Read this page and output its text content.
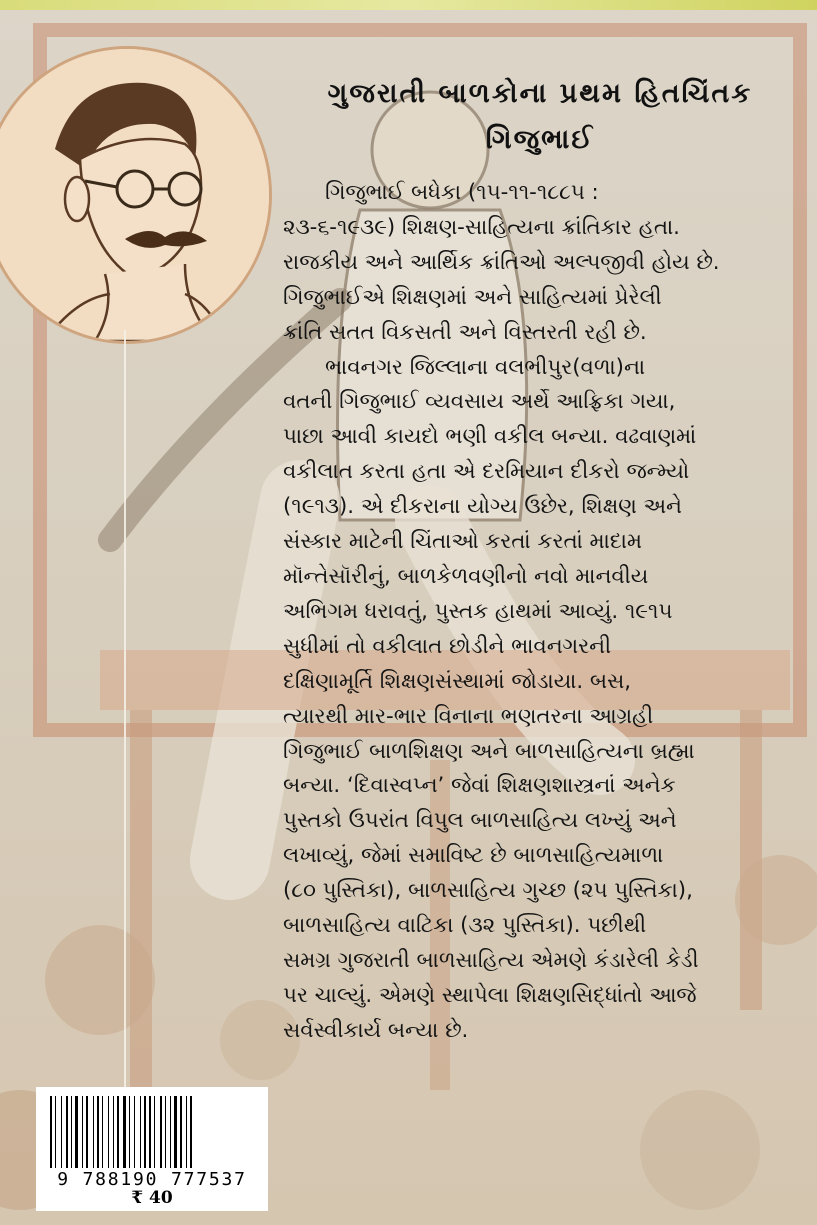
ગુજરાતી બાળકોના પ્રથમ હિતચિંતક
ગિજુભાઈ
ગિજુભાઈ બધેકા (૧૫-૧૧-૧૮૮૫ :
૨૩-૬-૧૯૩૯) શિક્ષણ-સાહિત્યના ક્રાંતિકાર હતા.
રાજકીય અને આર્થિક ક્રાંતિઓ અલ્પજીવી હોય છે.
ગિજુભાઈએ શિક્ષણમાં અને સાહિત્યમાં પ્રેરેલી
ક્રાંતિ સતત વિકસતી અને વિસ્તરતી રહી છે.
ભાવનગર જિલ્લાના વલભીપુર(વળા)ના
વતની ગિજુભાઈ વ્યવસાય અર્થે આફ્રિકા ગયા,
પાછા આવી કાયદો ભણી વકીલ બન્યા. વઢવાણમાં
વકીલાત કરતા હતા એ દરમિયાન દીકરો જન્મ્યો
(૧૯૧૩). એ દીકરાના યોગ્ય ઉછેર, શિક્ષણ અને
સંસ્કાર માટેની ચિંતાઓ કરતાં કરતાં માદામ
મૉન્તેસૉરીનું, બાળકેળવણીનો નવો માનવીય
અભિગમ ધરાવતું, પુસ્તક હાથમાં આવ્યું. ૧૯૧૫
સુધીમાં તો વકીલાત છોડીને ભાવનગરની
દક્ષિણામૂર્તિ શિક્ષણસંસ્થામાં જોડાયા. બસ,
ત્યારથી માર-ભાર વિનાના ભણતરના આગ્રહી
ગિજુભાઈ બાળશિક્ષણ અને બાળસાહિત્યના બ્રહ્મા
બન્યા. ‘દિવાસ્વપ્ન’ જેવાં શિક્ષણશાસ્ત્રનાં અનેક
પુસ્તકો ઉપરાંત વિપુલ બાળસાહિત્ય લખ્યું અને
લખાવ્યું, જેમાં સમાવિષ્ટ છે બાળસાહિત્યમાળા
(૮૦ પુસ્તિકા), બાળસાહિત્ય ગુચ્છ (૨૫ પુસ્તિકા),
બાળસાહિત્ય વાટિકા (૩૨ પુસ્તિકા). પછીથી
સમગ્ર ગુજરાતી બાળસાહિત્ય એમણે કંડારેલી કેડી
પર ચાલ્યું. એમણે સ્થાપેલા શિક્ષણસિદ્ધાંતો આજે
સર્વસ્વીકાર્ય બન્યા છે.
9 788190 777537
₹ 40
